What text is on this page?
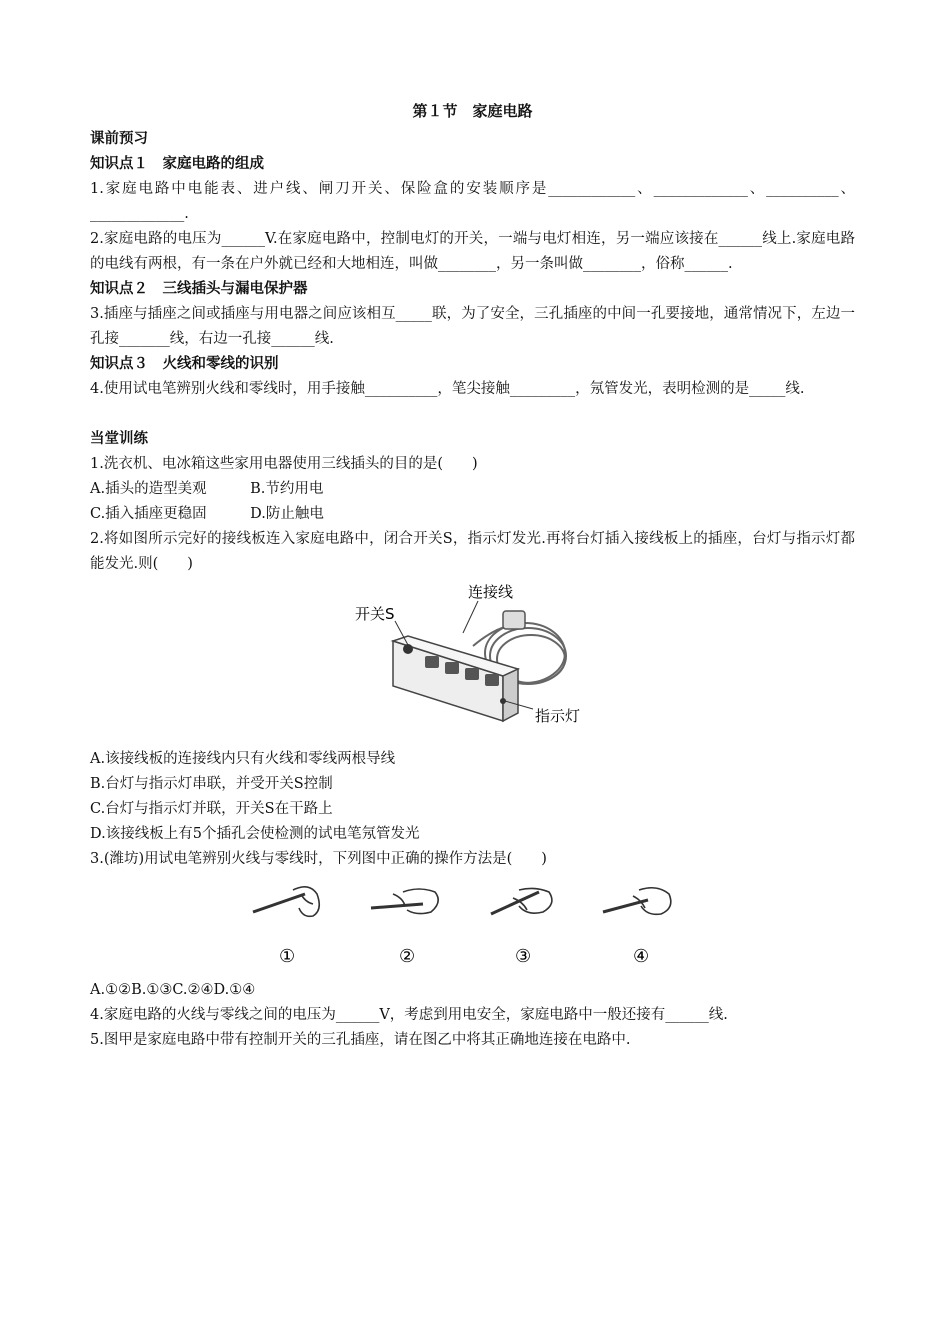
第１节　家庭电路
课前预习
知识点１　家庭电路的组成
1.家庭电路中电能表、进户线、闸刀开关、保险盒的安装顺序是____________、_____________、__________、_____________.
2.家庭电路的电压为______V.在家庭电路中，控制电灯的开关，一端与电灯相连，另一端应该接在______线上.家庭电路的电线有两根，有一条在户外就已经和大地相连，叫做________，另一条叫做________，俗称______.
知识点２　三线插头与漏电保护器
3.插座与插座之间或插座与用电器之间应该相互_____联，为了安全，三孔插座的中间一孔要接地，通常情况下，左边一孔接_______线，右边一孔接______线.
知识点３　火线和零线的识别
4.使用试电笔辨别火线和零线时，用手接触__________，笔尖接触_________，氖管发光，表明检测的是_____线.
当堂训练
1.洗衣机、电冰箱这些家用电器使用三线插头的目的是(　　)
A.插头的造型美观　　　B.节约用电
C.插入插座更稳固　　　D.防止触电
2.将如图所示完好的接线板连入家庭电路中，闭合开关S，指示灯发光.再将台灯插入接线板上的插座，台灯与指示灯都能发光.则(　　)
开关S
连接线
指示灯
A.该接线板的连接线内只有火线和零线两根导线
B.台灯与指示灯串联，并受开关S控制
C.台灯与指示灯并联，开关S在干路上
D.该接线板上有5个插孔会使检测的试电笔氖管发光
3.(潍坊)用试电笔辨别火线与零线时，下列图中正确的操作方法是(　　)
①	②	③	④
A.①②B.①③C.②④D.①④
4.家庭电路的火线与零线之间的电压为______V，考虑到用电安全，家庭电路中一般还接有______线.
5.图甲是家庭电路中带有控制开关的三孔插座，请在图乙中将其正确地连接在电路中.
